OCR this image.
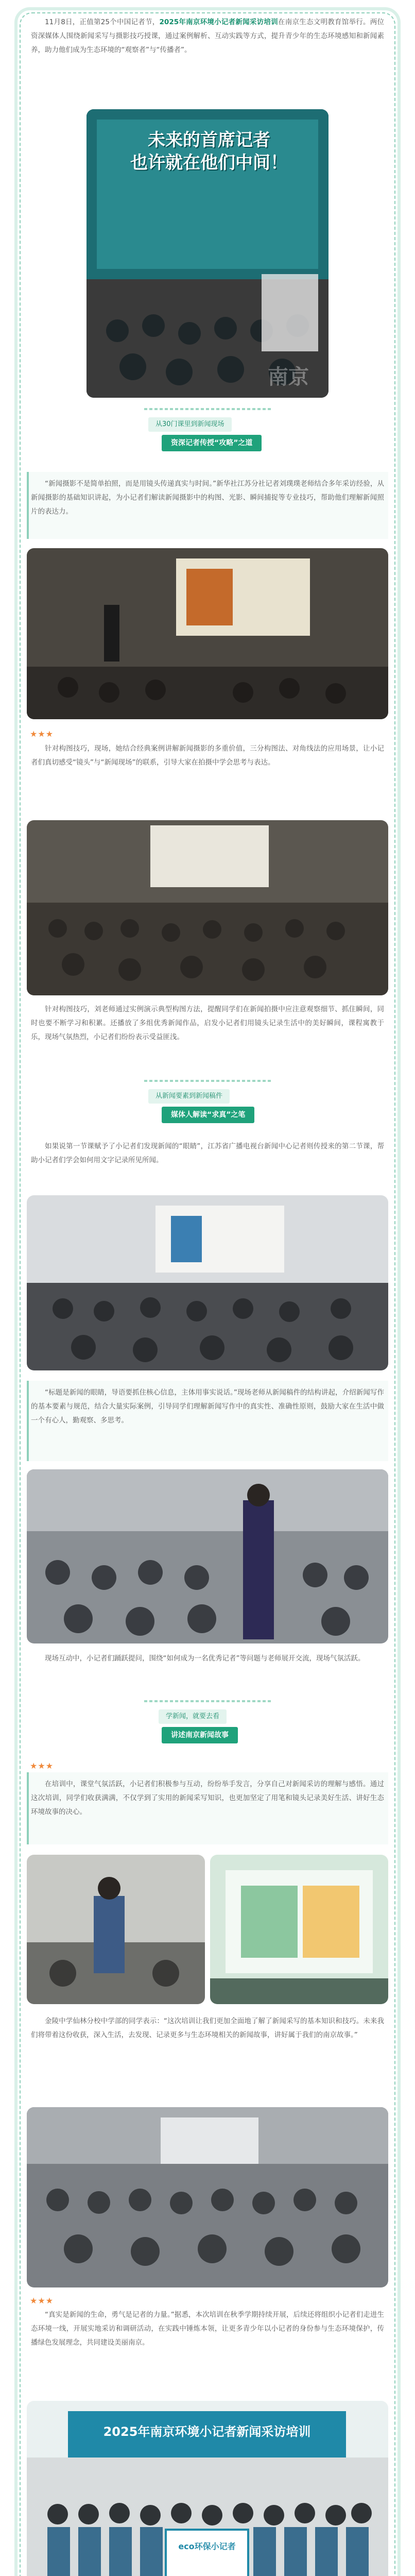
11月8日，正值第25个中国记者节，2025年南京环境小记者新闻采访培训在南京生态文明教育馆举行。两位资深媒体人围绕新闻采写与摄影技巧授课，通过案例解析、互动实践等方式，提升青少年的生态环境感知和新闻素养，助力他们成为生态环境的“观察者”与“传播者”。
未来的首席记者
也许就在他们中间！
南京
从30门课里到新闻现场
资深记者传授“攻略”之道
“新闻摄影不是简单拍照，而是用镜头传递真实与时间。”新华社江苏分社记者刘璞璞老师结合多年采访经验，从新闻摄影的基础知识讲起，为小记者们解读新闻摄影中的构图、光影、瞬间捕捉等专业技巧，帮助他们理解新闻照片的表达力。
★★★
针对构图技巧，现场，她结合经典案例讲解新闻摄影的多重价值，三分构图法、对角线法的应用场景，让小记者们真切感受“镜头”与“新闻现场”的联系，引导大家在拍摄中学会思考与表达。
针对构图技巧，刘老师通过实例演示典型构图方法，提醒同学们在新闻拍摄中应注意观察细节、抓住瞬间，同时也要不断学习和积累。还播放了多组优秀新闻作品，启发小记者们用镜头记录生活中的美好瞬间，课程寓教于乐，现场气氛热烈，小记者们纷纷表示受益匪浅。
从新闻要素到新闻稿件
媒体人解读“求真”之笔
如果说第一节课赋予了小记者们发现新闻的“眼睛”，江苏省广播电视台新闻中心记者则传授来的第二节课，帮助小记者们学会如何用文字记录所见所闻。
“标题是新闻的眼睛，导语要抓住核心信息，主体用事实说话。”现场老师从新闻稿件的结构讲起，介绍新闻写作的基本要素与规范，结合大量实际案例，引导同学们理解新闻写作中的真实性、准确性原则，鼓励大家在生活中做一个有心人，勤观察、多思考。
现场互动中，小记者们踊跃提问，围绕“如何成为一名优秀记者”等问题与老师展开交流，现场气氛活跃。
学新闻，就要去看
讲述南京新闻故事
★★★
在培训中，课堂气氛活跃，小记者们积极参与互动，纷纷举手发言，分享自己对新闻采访的理解与感悟。通过这次培训，同学们收获满满，不仅学到了实用的新闻采写知识，也更加坚定了用笔和镜头记录美好生活、讲好生态环境故事的决心。
金陵中学仙林分校中学部的同学表示：“这次培训让我们更加全面地了解了新闻采写的基本知识和技巧。未来我们将带着这份收获，深入生活，去发现、记录更多与生态环境相关的新闻故事，讲好属于我们的南京故事。”
★★★
“真实是新闻的生命，勇气是记者的力量。”据悉，本次培训在秋季学期持续开展，后续还将组织小记者们走进生态环境一线，开展实地采访和调研活动，在实践中锤炼本领，让更多青少年以小记者的身份参与生态环境保护，传播绿色发展理念，共同建设美丽南京。
2025年南京环境小记者新闻采访培训
eco环保小记者
